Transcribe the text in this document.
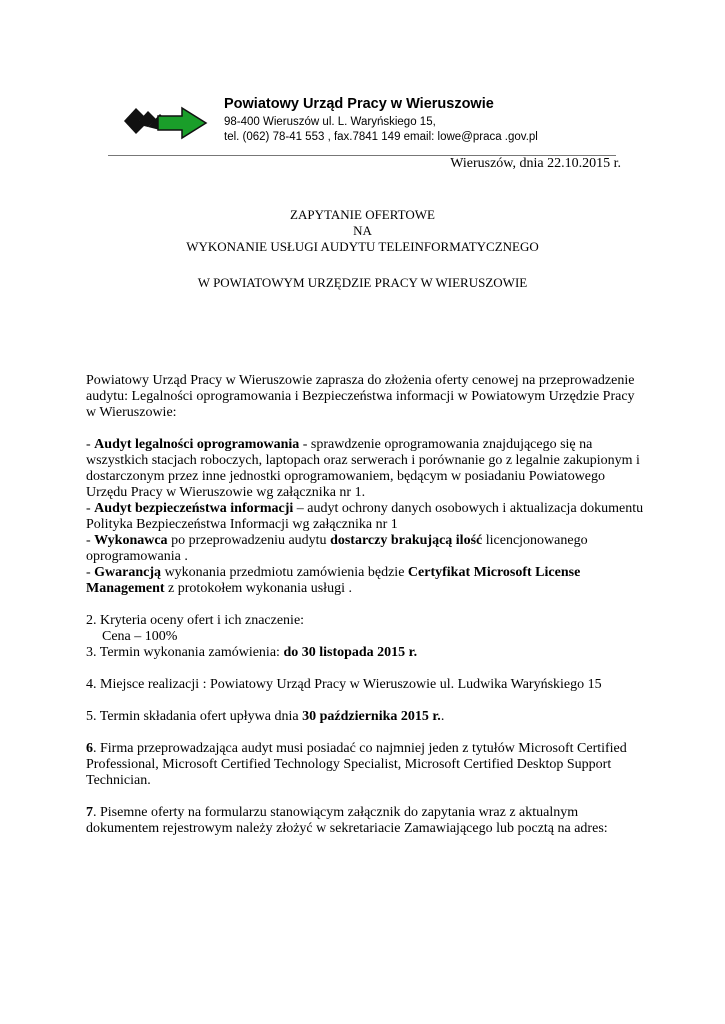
Powiatowy Urząd Pracy w Wieruszowie
98-400 Wieruszów ul. L. Waryńskiego 15,
tel. (062) 78-41 553 , fax.7841 149 email: lowe@praca .gov.pl
Wieruszów, dnia 22.10.2015 r.
ZAPYTANIE OFERTOWE
NA
WYKONANIE USŁUGI AUDYTU TELEINFORMATYCZNEGO
W POWIATOWYM URZĘDZIE PRACY W WIERUSZOWIE

Powiatowy Urząd Pracy w Wieruszowie zaprasza do złożenia oferty cenowej na przeprowadzenie audytu: Legalności oprogramowania i Bezpieczeństwa informacji w Powiatowym Urzędzie Pracy w Wieruszowie:

- Audyt legalności oprogramowania - sprawdzenie oprogramowania znajdującego się na wszystkich stacjach roboczych, laptopach oraz serwerach i porównanie go z legalnie zakupionym i dostarczonym przez inne jednostki oprogramowaniem, będącym w posiadaniu Powiatowego Urzędu Pracy w Wieruszowie wg załącznika nr 1.

- Audyt bezpieczeństwa informacji – audyt ochrony danych osobowych i aktualizacja dokumentu Polityka Bezpieczeństwa Informacji wg załącznika nr 1

- Wykonawca po przeprowadzeniu audytu dostarczy brakującą ilość licencjonowanego oprogramowania .

- Gwarancją wykonania przedmiotu zamówienia będzie Certyfikat Microsoft License Management z protokołem wykonania usługi .

2. Kryteria oceny ofert i ich znaczenie:

Cena – 100%

3. Termin wykonania zamówienia: do 30 listopada 2015 r.

4. Miejsce realizacji : Powiatowy Urząd Pracy w Wieruszowie ul. Ludwika Waryńskiego 15

5. Termin składania ofert upływa dnia 30 października 2015 r..

6. Firma przeprowadzająca audyt musi posiadać co najmniej jeden z tytułów Microsoft Certified Professional, Microsoft Certified Technology Specialist, Microsoft Certified Desktop Support Technician.

7. Pisemne oferty na formularzu stanowiącym załącznik do zapytania wraz z aktualnym dokumentem rejestrowym należy złożyć w sekretariacie Zamawiającego lub pocztą na adres:
